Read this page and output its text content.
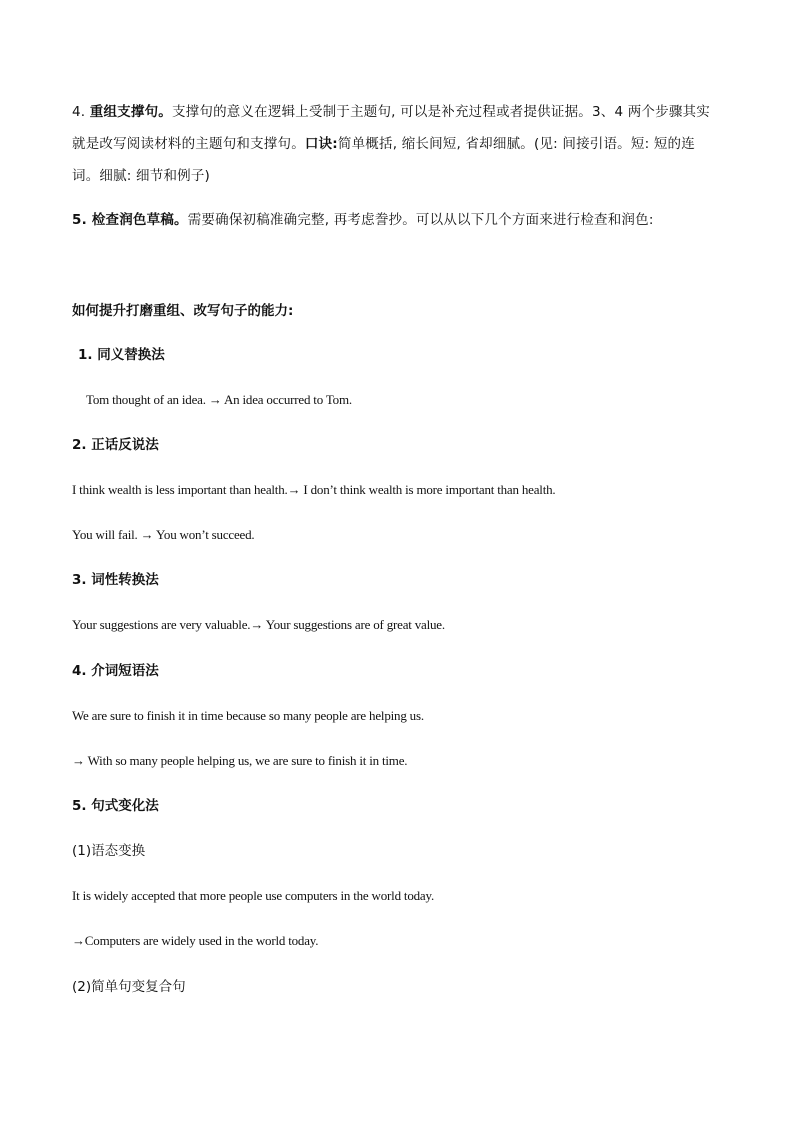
4. 重组支撑句。支撑句的意义在逻辑上受制于主题句, 可以是补充过程或者提供证据。3、4 两个步骤其实就是改写阅读材料的主题句和支撑句。口诀:简单概括, 缩长间短, 省却细腻。(见: 间接引语。短: 短的连词。细腻: 细节和例子)
5. 检查润色草稿。需要确保初稿准确完整, 再考虑誊抄。可以从以下几个方面来进行检查和润色:
如何提升打磨重组、改写句子的能力:
1. 同义替换法
Tom thought of an idea. → An idea occurred to Tom.
2. 正话反说法
I think wealth is less important than health.→ I don’t think wealth is more important than health.
You will fail. → You won’t succeed.
3. 词性转换法
Your suggestions are very valuable.→ Your suggestions are of great value.
4. 介词短语法
We are sure to finish it in time because so many people are helping us.
→ With so many people helping us, we are sure to finish it in time.
5. 句式变化法
(1)语态变换
It is widely accepted that more people use computers in the world today.
→Computers are widely used in the world today.
(2)简单句变复合句
